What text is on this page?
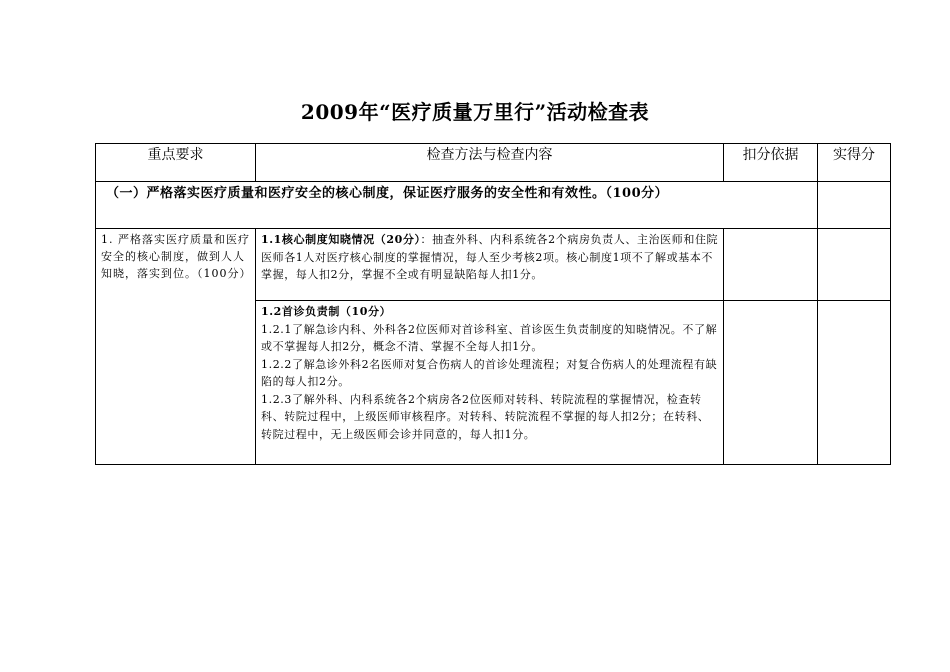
2009年“医疗质量万里行”活动检查表
重点要求	检查方法与检查内容	扣分依据	实得分

（一）严格落实医疗质量和医疗安全的核心制度，保证医疗服务的安全性和有效性。（100分）			

1. 严格落实医疗质量和医疗安全的核心制度，做到人人知晓，落实到位。（100分）	1.1核心制度知晓情况（20分）：抽查外科、内科系统各2个病房负责人、主治医师和住院医师各1人对医疗核心制度的掌握情况，每人至少考核2项。核心制度1项不了解或基本不掌握，每人扣2分，掌握不全或有明显缺陷每人扣1分。		

	1.2首诊负责制（10分）
1.2.1了解急诊内科、外科各2位医师对首诊科室、首诊医生负责制度的知晓情况。不了解或不掌握每人扣2分，概念不清、掌握不全每人扣1分。
1.2.2了解急诊外科2名医师对复合伤病人的首诊处理流程；对复合伤病人的处理流程有缺陷的每人扣2分。
1.2.3了解外科、内科系统各2个病房各2位医师对转科、转院流程的掌握情况，检查转科、转院过程中，上级医师审核程序。对转科、转院流程不掌握的每人扣2分；在转科、转院过程中，无上级医师会诊并同意的，每人扣1分。		
